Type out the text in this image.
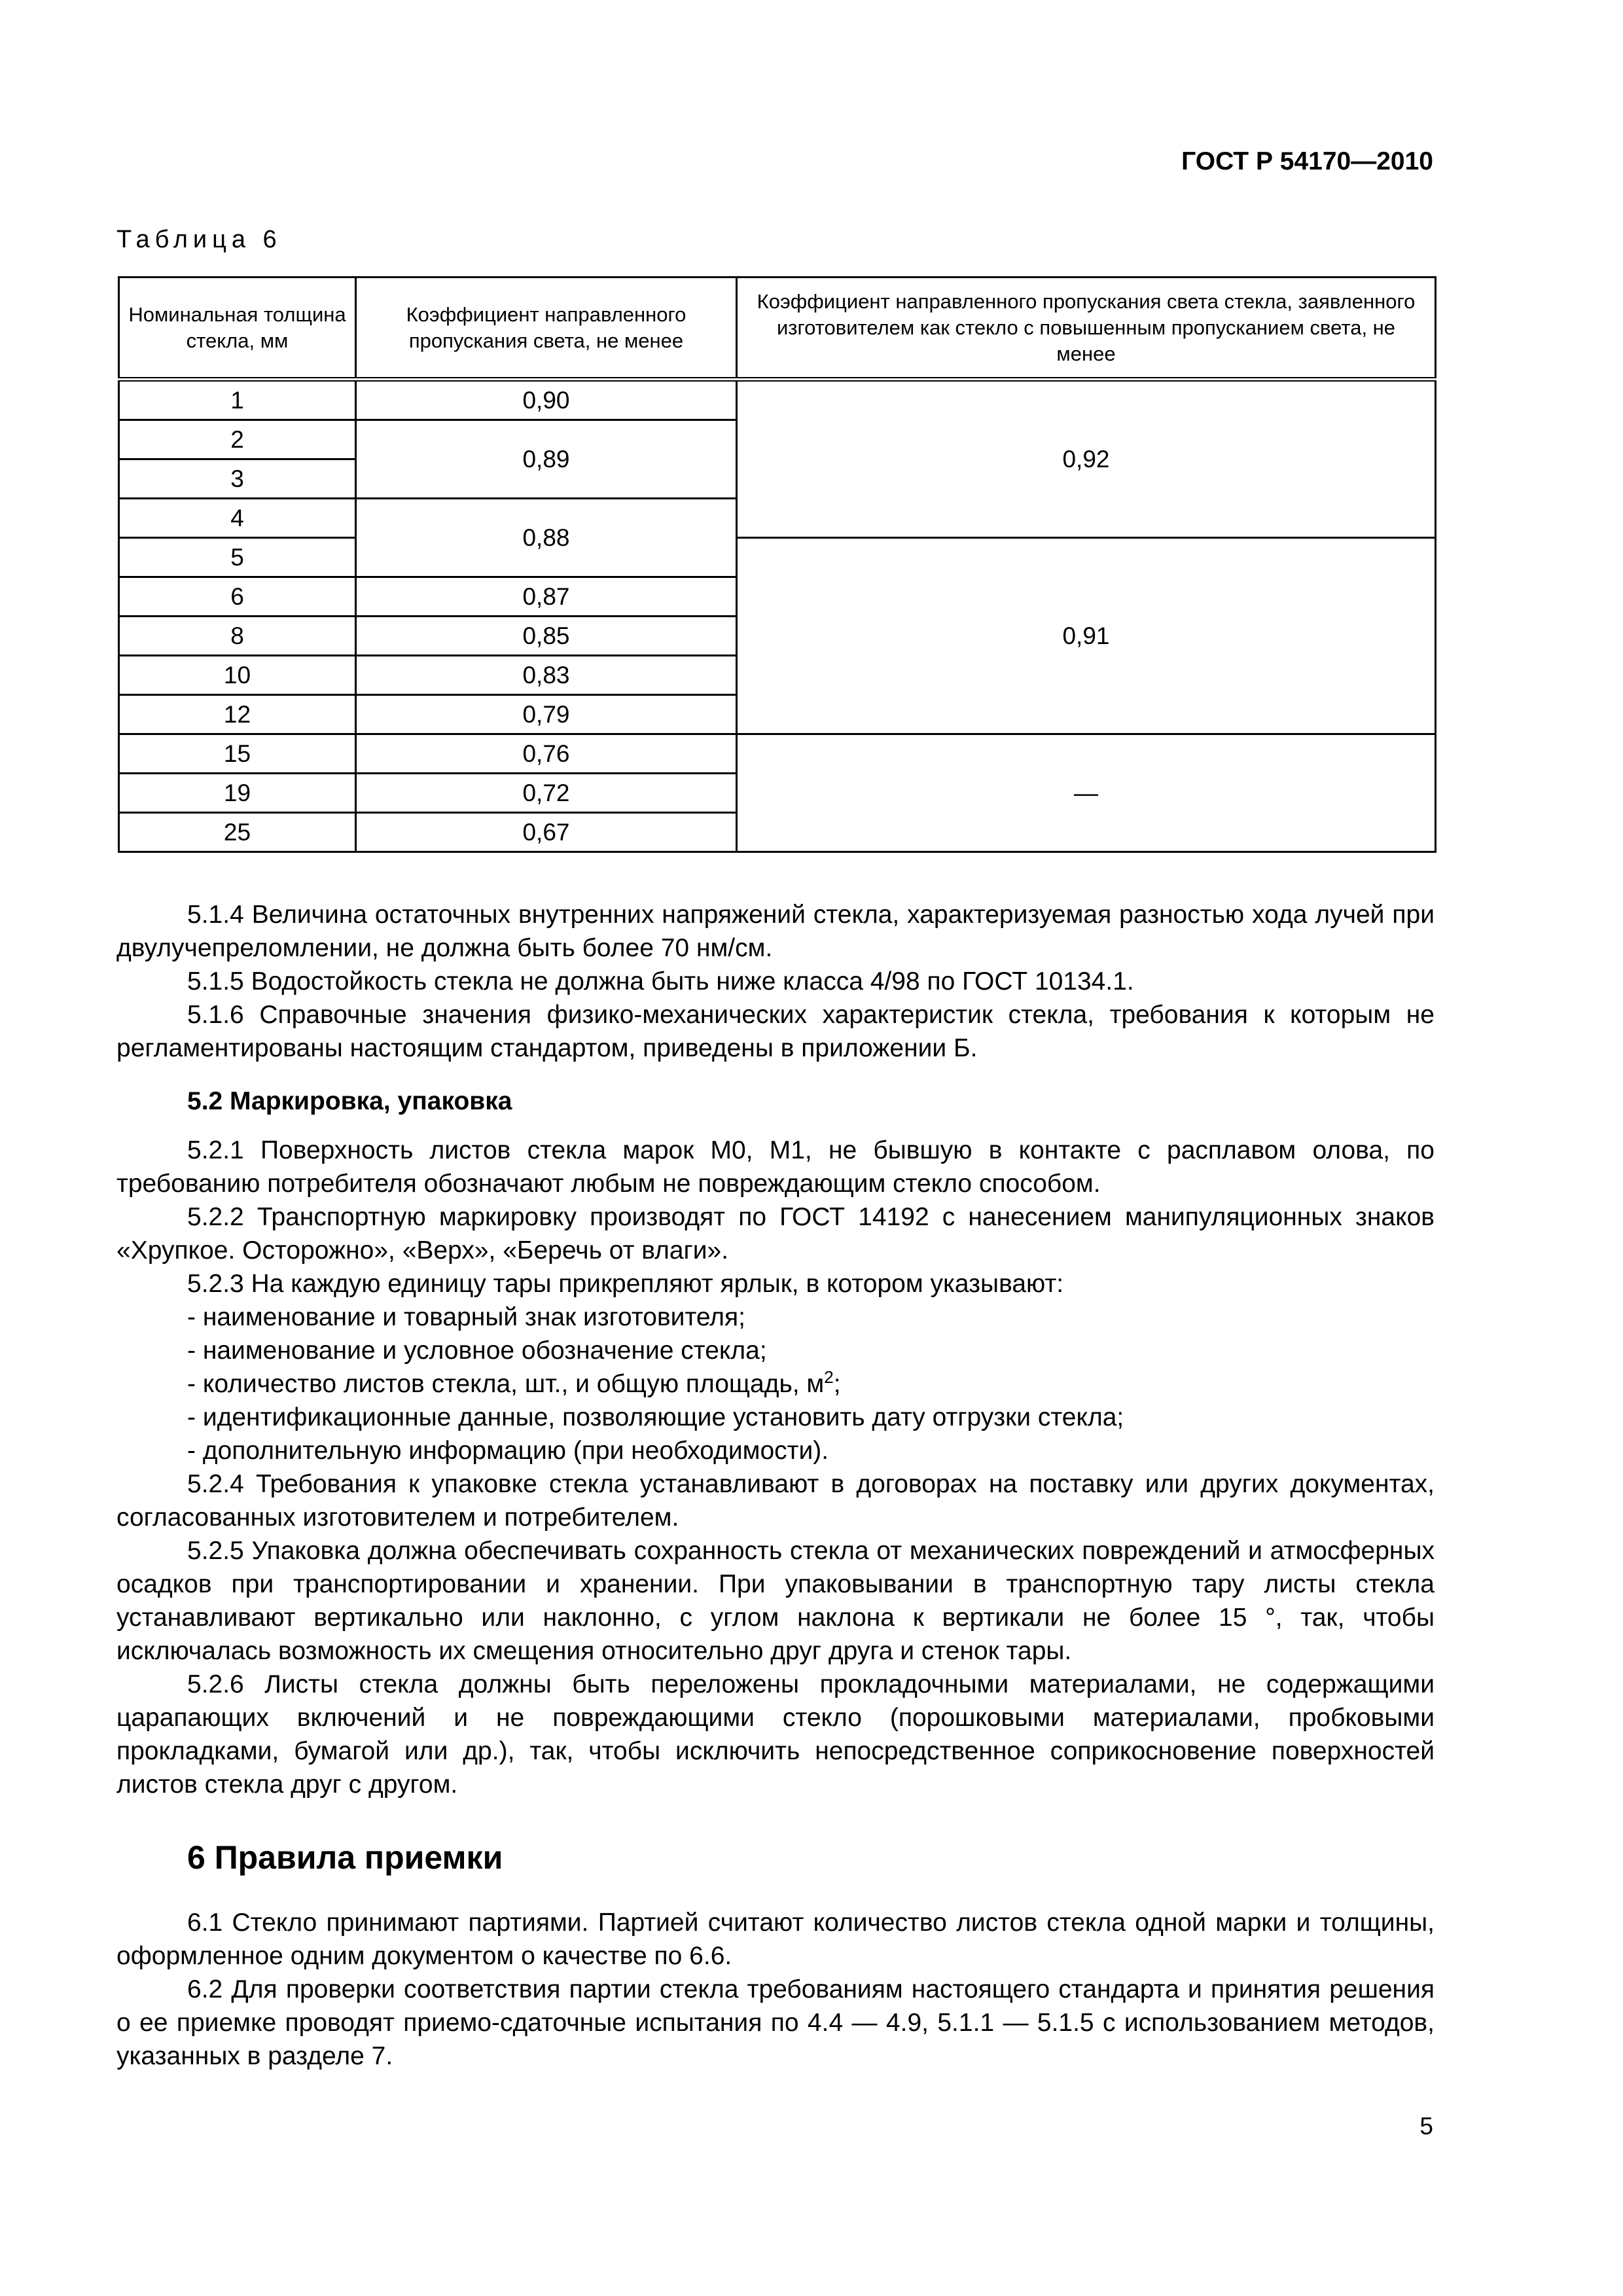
ГОСТ Р 54170—2010
Таблица 6
Номинальная толщина стекла, мм	Коэффициент направленного пропускания света, не менее	Коэффициент направленного пропускания света стекла, заявленного изготовителем как стекло с повышенным пропусканием света, не менее
1	0,90	0,92
2	0,89	
3		
4	0,88	
5		0,91
6	0,87	
8	0,85	
10	0,83	
12	0,79	
15	0,76	—
19	0,72	
25	0,67	

5.1.4 Величина остаточных внутренних напряжений стекла, характеризуемая разностью хода лучей при двулучепреломлении, не должна быть более 70 нм/см.

5.1.5 Водостойкость стекла не должна быть ниже класса 4/98 по ГОСТ 10134.1.

5.1.6 Справочные значения физико-механических характеристик стекла, требования к которым не регламентированы настоящим стандартом, приведены в приложении Б.

5.2 Маркировка, упаковка

5.2.1 Поверхность листов стекла марок М0, М1, не бывшую в контакте с расплавом олова, по требованию потребителя обозначают любым не повреждающим стекло способом.

5.2.2 Транспортную маркировку производят по ГОСТ 14192 с нанесением манипуляционных знаков «Хрупкое. Осторожно», «Верх», «Беречь от влаги».

5.2.3 На каждую единицу тары прикрепляют ярлык, в котором указывают:

- наименование и товарный знак изготовителя;

- наименование и условное обозначение стекла;

- количество листов стекла, шт., и общую площадь, $м^2$;

- идентификационные данные, позволяющие установить дату отгрузки стекла;

- дополнительную информацию (при необходимости).

5.2.4 Требования к упаковке стекла устанавливают в договорах на поставку или других документах, согласованных изготовителем и потребителем.

5.2.5 Упаковка должна обеспечивать сохранность стекла от механических повреждений и атмосферных осадков при транспортировании и хранении. При упаковывании в транспортную тару листы стекла устанавливают вертикально или наклонно, с углом наклона к вертикали не более 15 °, так, чтобы исключалась возможность их смещения относительно друг друга и стенок тары.

5.2.6 Листы стекла должны быть переложены прокладочными материалами, не содержащими царапающих включений и не повреждающими стекло (порошковыми материалами, пробковыми прокладками, бумагой или др.), так, чтобы исключить непосредственное соприкосновение поверхностей листов стекла друг с другом.

6 Правила приемки

6.1 Стекло принимают партиями. Партией считают количество листов стекла одной марки и толщины, оформленное одним документом о качестве по 6.6.

6.2 Для проверки соответствия партии стекла требованиям настоящего стандарта и принятия решения о ее приемке проводят приемо-сдаточные испытания по 4.4 — 4.9, 5.1.1 — 5.1.5 с использованием методов, указанных в разделе 7.

5
